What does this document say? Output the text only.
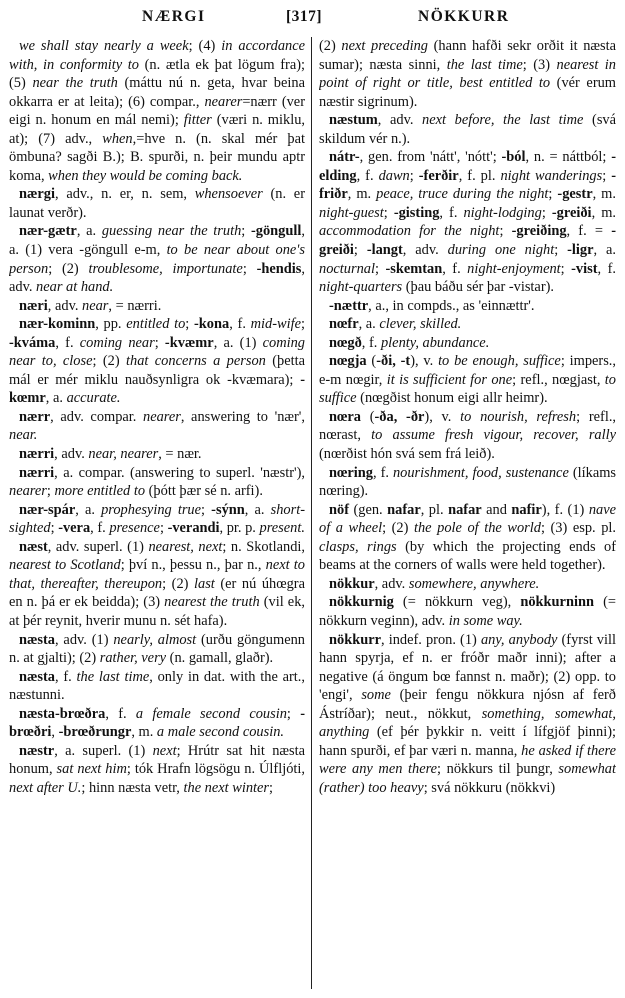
NÆRGI	[317]	NÖKKURR

we shall stay nearly a week; (4) in accordance with, in conformity to (n. ætla ek þat lögum fra); (5) near the truth (máttu nú n. geta, hvar beina okkarra er at leita); (6) compar., nearer=nærr (ver eigi n. honum en mál nemi); fitter (væri n. miklu, at); (7) adv., when,=hve n. (n. skal mér þat ömbuna? sagði B.); B. spurði, n. þeir mundu aptr koma, when they would be coming back.

nærgi, adv., n. er, n. sem, whensoever (n. er launat verðr).

nær-gætr, a. guessing near the truth; -göngull, a. (1) vera -göngull e-m, to be near about one's person; (2) troublesome, importunate; -hendis, adv. near at hand.

næri, adv. near, = nærri.

nær-kominn, pp. entitled to; -kona, f. mid-wife; -kváma, f. coming near; -kvæmr, a. (1) coming near to, close; (2) that concerns a person (þetta mál er mér miklu nauðsynligra ok -kvæmara); -kœmr, a. accurate.

nærr, adv. compar. nearer, answering to 'nær', near.

nærri, adv. near, nearer, = nær.

nærri, a. compar. (answering to superl. 'næstr'), nearer; more entitled to (þótt þær sé n. arfi).

nær-spár, a. prophesying true; -sýnn, a. short-sighted; -vera, f. presence; -verandi, pr. p. present.

næst, adv. superl. (1) nearest, next; n. Skotlandi, nearest to Scotland; því n., þessu n., þar n., next to that, thereafter, thereupon; (2) last (er nú úhœgra en n. þá er ek beidda); (3) nearest the truth (vil ek, at þér reynit, hverir munu n. sét hafa).

næsta, adv. (1) nearly, almost (urðu göngumenn n. at gjalti); (2) rather, very (n. gamall, glaðr).

næsta, f. the last time, only in dat. with the art., næstunni.

næsta-brœðra, f. a female second cousin; -brœðri, -brœðrungr, m. a male second cousin.

næstr, a. superl. (1) next; Hrútr sat hit næsta honum, sat next him; tók Hrafn lögsögu n. Úlfljóti, next after U.; hinn næsta vetr, the next winter;

(2) next preceding (hann hafði sekr orðit it næsta sumar); næsta sinni, the last time; (3) nearest in point of right or title, best entitled to (vér erum næstir sigrinum).

næstum, adv. next before, the last time (svá skildum vér n.).

nátr-, gen. from 'nátt', 'nótt'; -ból, n. = náttból; -elding, f. dawn; -ferðir, f. pl. night wanderings; -friðr, m. peace, truce during the night; -gestr, m. night-guest; -gisting, f. night-lodging; -greiði, m. accommodation for the night; -greiðing, f. = -greiði; -langt, adv. during one night; -ligr, a. nocturnal; -skemtan, f. night-enjoyment; -vist, f. night-quarters (þau báðu sér þar -vistar).

-nættr, a., in compds., as 'einnættr'.

nœfr, a. clever, skilled.

nœgð, f. plenty, abundance.

nœgja (-ði, -t), v. to be enough, suffice; impers., e-m nœgir, it is sufficient for one; refl., nœgjast, to suffice (nœgðist honum eigi allr heimr).

nœra (-ða, -ðr), v. to nourish, refresh; refl., nœrast, to assume fresh vigour, recover, rally (nœrðist hón svá sem frá leið).

nœring, f. nourishment, food, sustenance (líkams nœring).

nöf (gen. nafar, pl. nafar and nafir), f. (1) nave of a wheel; (2) the pole of the world; (3) esp. pl. clasps, rings (by which the projecting ends of beams at the corners of walls were held together).

nökkur, adv. somewhere, anywhere.

nökkurnig (= nökkurn veg), nökkurninn (= nökkurn veginn), adv. in some way.

nökkurr, indef. pron. (1) any, anybody (fyrst vill hann spyrja, ef n. er fróðr maðr inni); after a negative (á öngum bœ fannst n. maðr); (2) opp. to 'engi', some (þeir fengu nökkura njósn af ferð Ástríðar); neut., nökkut, something, somewhat, anything (ef þér þykkir n. veitt í lífgjöf þinni); hann spurði, ef þar væri n. manna, he asked if there were any men there; nökkurs til þungr, somewhat (rather) too heavy; svá nökkuru (nökkvi)
